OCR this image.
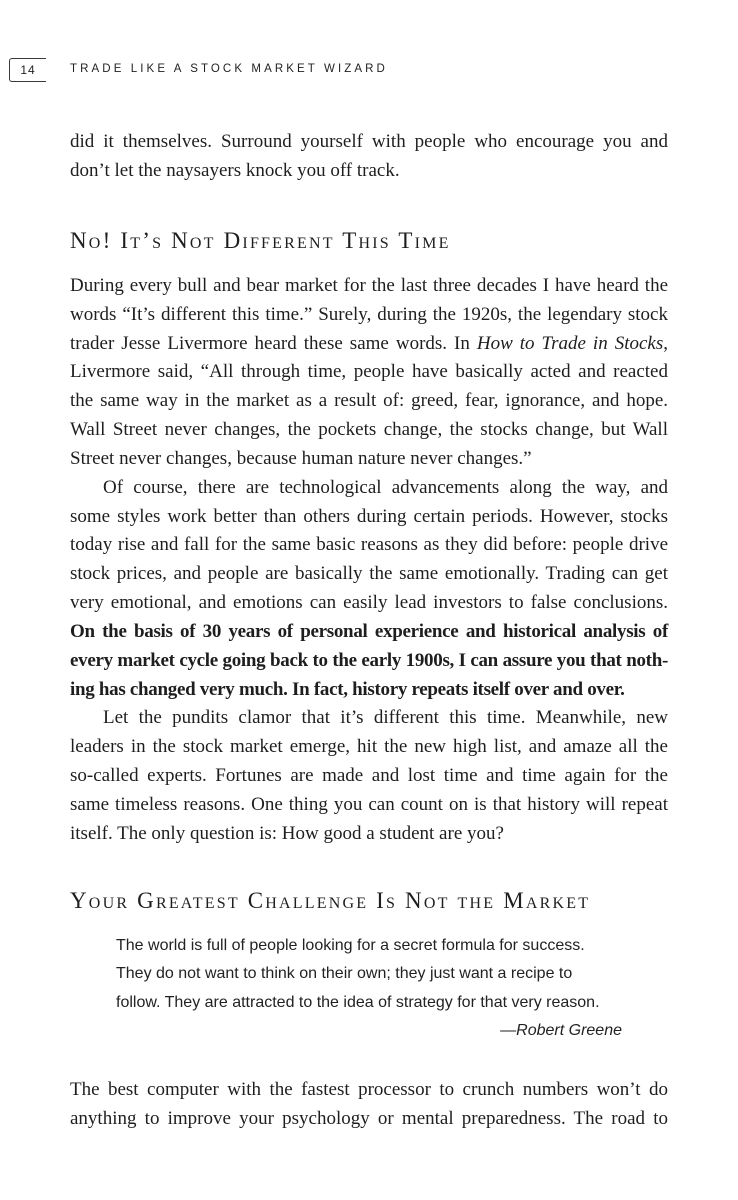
14	TRADE LIKE A STOCK MARKET WIZARD
did it themselves. Surround yourself with people who encourage you and
don’t let the naysayers knock you off track.
No! It’s Not Different This Time
During every bull and bear market for the last three decades I have heard the
words “It’s different this time.” Surely, during the 1920s, the legendary stock
trader Jesse Livermore heard these same words. In How to Trade in Stocks,
Livermore said, “All through time, people have basically acted and reacted
the same way in the market as a result of: greed, fear, ignorance, and hope.
Wall Street never changes, the pockets change, the stocks change, but Wall
Street never changes, because human nature never changes.”
Of course, there are technological advancements along the way, and
some styles work better than others during certain periods. However, stocks
today rise and fall for the same basic reasons as they did before: people drive
stock prices, and people are basically the same emotionally. Trading can get
very emotional, and emotions can easily lead investors to false conclusions.
On the basis of 30 years of personal experience and historical analysis of
every market cycle going back to the early 1900s, I can assure you that noth-
ing has changed very much. In fact, history repeats itself over and over.
Let the pundits clamor that it’s different this time. Meanwhile, new
leaders in the stock market emerge, hit the new high list, and amaze all the
so-called experts. Fortunes are made and lost time and time again for the
same timeless reasons. One thing you can count on is that history will repeat
itself. The only question is: How good a student are you?
Your Greatest Challenge Is Not the Market
The world is full of people looking for a secret formula for success.
They do not want to think on their own; they just want a recipe to
follow. They are attracted to the idea of strategy for that very reason.
—Robert Greene
The best computer with the fastest processor to crunch numbers won’t do
anything to improve your psychology or mental preparedness. The road to
